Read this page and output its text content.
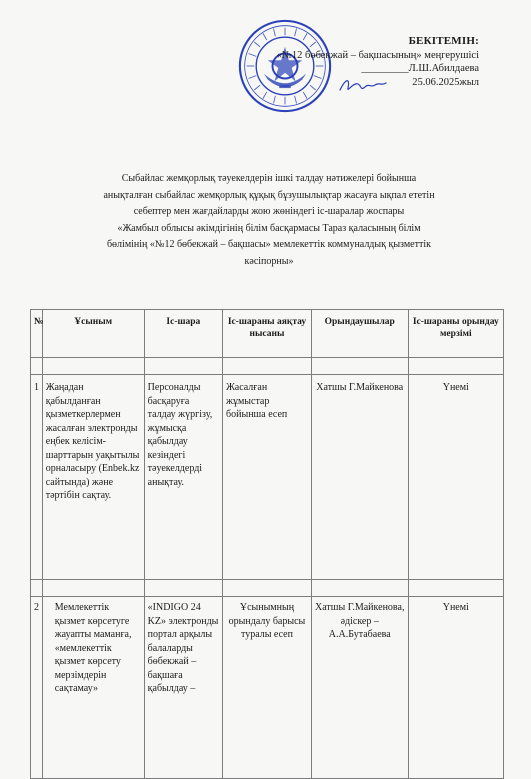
БЕКІТЕМІН:
«№12 бөбекжай – бақшасының» меңгерушісі
_________Л.Ш.Абилдаева
25.06.2025жыл

Сыбайлас жемқорлық тәуекелдерін ішкі талдау нәтижелері бойынша

анықталған сыбайлас жемқорлық құқық бұзушылықтар жасауға ықпал ететін

себептер мен жағдайларды жою жөніндегі іс-шаралар жоспары

«Жамбыл облысы әкімдігінің білім басқармасы Тараз қаласының білім

бөлімінің «№12 бөбекжай – бақшасы» мемлекеттік коммуналдық қызметтік

кәсіпорны»

№	Ұсыным	Іс-шара	Іс-шараны аяқтау нысаны	Орындаушылар	Іс-шараны орындау мерзімі

1	Жаңадан қабылданған қызметкерлермен жасалған электронды еңбек келісім-шарттарын уақытылы орналасыру (Enbek.kz сайтында) және тәртібін сақтау.	Персоналды басқаруға талдау жүргізу, жұмысқа қабылдау кезіндегі тәуекелдерді анықтау.	Жасалған жұмыстар бойынша есеп	Хатшы Г.Майкенова	Үнемі

2	Мемлекеттік қызмет көрсетуге жауапты маманға, «мемлекеттік қызмет көрсету мерзімдерін сақтамау»	«INDIGO 24 KZ» электронды портал арқылы балаларды бөбекжай – бақшаға қабылдау –	Ұсынымның орындалу барысы туралы есеп	Хатшы Г.Майкенова, әдіскер – А.А.Бутабаева	Үнемі
